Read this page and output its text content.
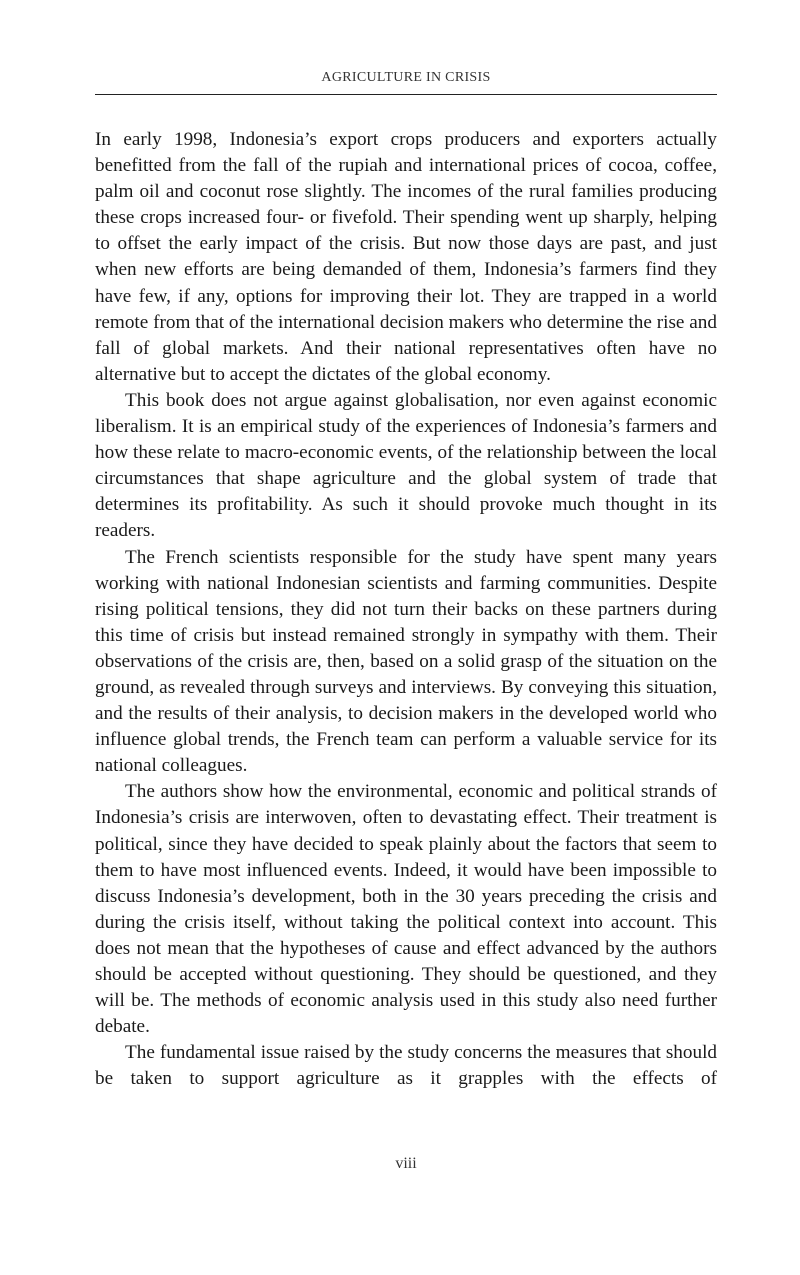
AGRICULTURE IN CRISIS

In early 1998, Indonesia’s export crops producers and exporters actually benefitted from the fall of the rupiah and international prices of cocoa, coffee, palm oil and coconut rose slightly. The incomes of the rural families producing these crops increased four- or fivefold. Their spending went up sharply, helping to offset the early impact of the crisis. But now those days are past, and just when new efforts are being demanded of them, Indonesia’s farmers find they have few, if any, options for improving their lot. They are trapped in a world remote from that of the international decision makers who determine the rise and fall of global markets. And their national representatives often have no alternative but to accept the dictates of the global economy.

This book does not argue against globalisation, nor even against economic liberalism. It is an empirical study of the experiences of Indonesia’s farmers and how these relate to macro-economic events, of the relationship between the local circumstances that shape agriculture and the global system of trade that determines its profitability. As such it should provoke much thought in its readers.

The French scientists responsible for the study have spent many years working with national Indonesian scientists and farming communities. Despite rising political tensions, they did not turn their backs on these partners during this time of crisis but instead remained strongly in sympathy with them. Their observations of the crisis are, then, based on a solid grasp of the situation on the ground, as revealed through surveys and interviews. By conveying this situation, and the results of their analysis, to decision makers in the developed world who influence global trends, the French team can perform a valuable service for its national colleagues.

The authors show how the environmental, economic and political strands of Indonesia’s crisis are interwoven, often to devastating effect. Their treatment is political, since they have decided to speak plainly about the factors that seem to them to have most influenced events. Indeed, it would have been impossible to discuss Indonesia’s development, both in the 30 years preceding the crisis and during the crisis itself, without taking the political context into account. This does not mean that the hypotheses of cause and effect advanced by the authors should be accepted without questioning. They should be questioned, and they will be. The methods of economic analysis used in this study also need further debate.

The fundamental issue raised by the study concerns the measures that should be taken to support agriculture as it grapples with the effects of

viii
